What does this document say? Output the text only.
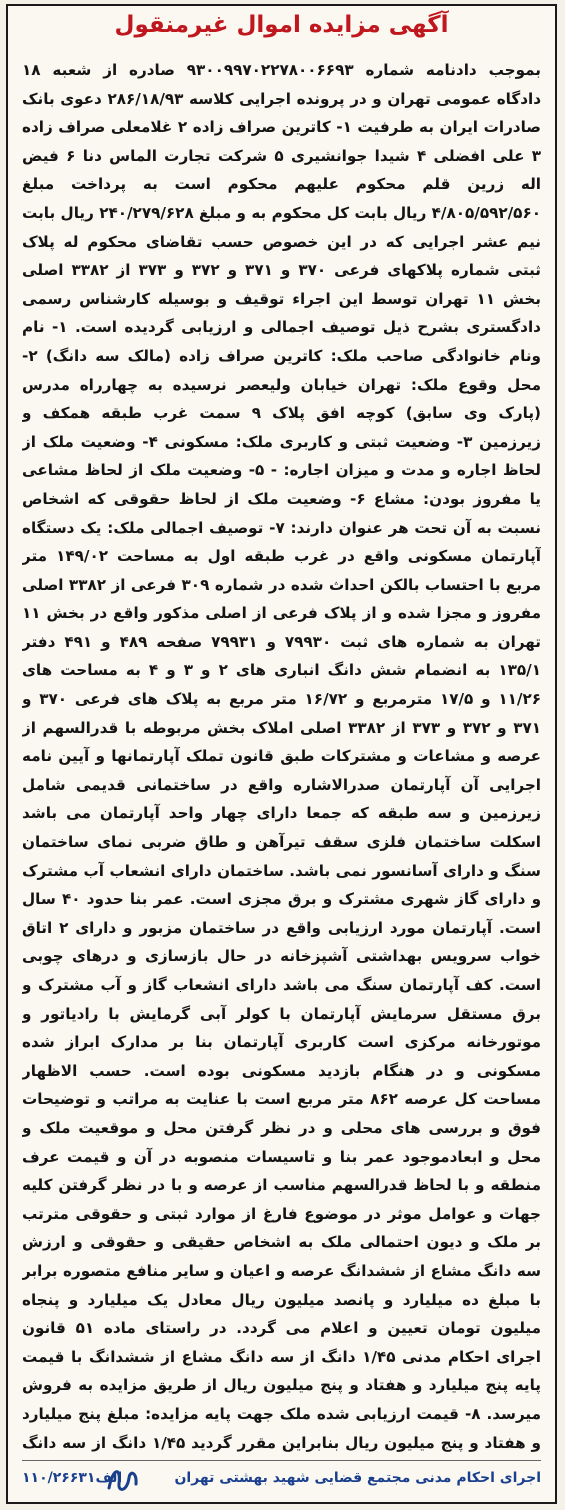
آگهی مزایده اموال غیرمنقول
بموجب دادنامه شماره ۹۳۰۰۹۹۷۰۲۲۷۸۰۰۶۶۹۳ صادره از شعبه ۱۸ دادگاه عمومی تهران و در پرونده اجرایی کلاسه ۲۸۶/۱۸/۹۳ دعوی بانک صادرات ایران به طرفیت ۱- کاترین صراف زاده ۲ غلامعلی صراف زاده ۳ علی افضلی ۴ شیدا جوانشیری ۵ شرکت تجارت الماس دنا ۶ فیض اله زرین قلم محکوم علیهم محکوم است به پرداخت مبلغ ۴/۸۰۵/۵۹۲/۵۶۰ ریال بابت کل محکوم به و مبلغ ۲۴۰/۲۷۹/۶۲۸ ریال بابت نیم عشر اجرایی که در این خصوص حسب تقاضای محکوم له پلاک ثبتی شماره پلاکهای فرعی ۳۷۰ و ۳۷۱ و ۳۷۲ و ۳۷۳ از ۳۳۸۲ اصلی بخش ۱۱ تهران توسط این اجراء توقیف و بوسیله کارشناس رسمی دادگستری بشرح ذیل توصیف اجمالی و ارزیابی گردیده است. ۱- نام ونام خانوادگی صاحب ملک: کاترین صراف زاده (مالک سه دانگ) ۲- محل وقوع ملک: تهران خیابان ولیعصر نرسیده به چهارراه مدرس (پارک وی سابق) کوچه افق پلاک ۹ سمت غرب طبقه همکف و زیرزمین ۳- وضعیت ثبتی و کاربری ملک: مسکونی ۴- وضعیت ملک از لحاظ اجاره و مدت و میزان اجاره: - ۵- وضعیت ملک از لحاظ مشاعی یا مفروز بودن: مشاع ۶- وضعیت ملک از لحاظ حقوقی که اشخاص نسبت به آن تحت هر عنوان دارند: ۷- توصیف اجمالی ملک: یک دستگاه آپارتمان مسکونی واقع در غرب طبقه اول به مساحت ۱۴۹/۰۲ متر مربع با احتساب بالکن احداث شده در شماره ۳۰۹ فرعی از ۳۳۸۲ اصلی مفروز و مجزا شده و از پلاک فرعی از اصلی مذکور واقع در بخش ۱۱ تهران به شماره های ثبت ۷۹۹۳۰ و ۷۹۹۳۱ صفحه ۴۸۹ و ۴۹۱ دفتر ۱۳۵/۱ به انضمام شش دانگ انباری های ۲ و ۳ و ۴ به مساحت های ۱۱/۲۶ و ۱۷/۵ مترمربع و ۱۶/۷۲ متر مربع به پلاک های فرعی ۳۷۰ و ۳۷۱ و ۳۷۲ و ۳۷۳ از ۳۳۸۲ اصلی املاک بخش مربوطه با قدرالسهم از عرصه و مشاعات و مشترکات طبق قانون تملک آپارتمانها و آیین نامه اجرایی آن آپارتمان صدرالاشاره واقع در ساختمانی قدیمی شامل زیرزمین و سه طبقه که جمعا دارای چهار واحد آپارتمان می باشد اسکلت ساختمان فلزی سقف تیرآهن و طاق ضربی نمای ساختمان سنگ و دارای آسانسور نمی باشد. ساختمان دارای انشعاب آب مشترک و دارای گاز شهری مشترک و برق مجزی است. عمر بنا حدود ۴۰ سال است. آپارتمان مورد ارزیابی واقع در ساختمان مزبور و دارای ۲ اتاق خواب سرویس بهداشتی آشپزخانه در حال بازسازی و درهای چوبی است. کف آپارتمان سنگ می باشد دارای انشعاب گاز و آب مشترک و برق مستقل سرمایش آپارتمان با کولر آبی گرمایش با رادیاتور و موتورخانه مرکزی است کاربری آپارتمان بنا بر مدارک ابراز شده مسکونی و در هنگام بازدید مسکونی بوده است. حسب الاظهار مساحت کل عرصه ۸۶۲ متر مربع است با عنایت به مراتب و توضیحات فوق و بررسی های محلی و در نظر گرفتن محل و موقعیت ملک و محل و ابعادموجود عمر بنا و تاسیسات منصوبه در آن و قیمت عرف منطقه و با لحاظ قدرالسهم مناسب از عرصه و با در نظر گرفتن کلیه جهات و عوامل موثر در موضوع فارغ از موارد ثبتی و حقوقی مترتب بر ملک و دیون احتمالی ملک به اشخاص حقیقی و حقوقی و ارزش سه دانگ مشاع از ششدانگ عرصه و اعیان و سایر منافع متصوره برابر با مبلغ ده میلیارد و پانصد میلیون ریال معادل یک میلیارد و پنجاه میلیون تومان تعیین و اعلام می گردد. در راستای ماده ۵۱ قانون اجرای احکام مدنی ۱/۴۵ دانگ از سه دانگ مشاع از ششدانگ با قیمت پایه پنج میلیارد و هفتاد و پنج میلیون ریال از طریق مزایده به فروش میرسد. ۸- قیمت ارزیابی شده ملک جهت پایه مزایده: مبلغ پنج میلیارد و هفتاد و پنج میلیون ریال بنابراین مقرر گردید ۱/۴۵ دانگ از سه دانگ
اجرای احکام مدنی مجتمع قضایی شهید بهشتی تهران
۱۱۰/۲۶۶۳۱الف
